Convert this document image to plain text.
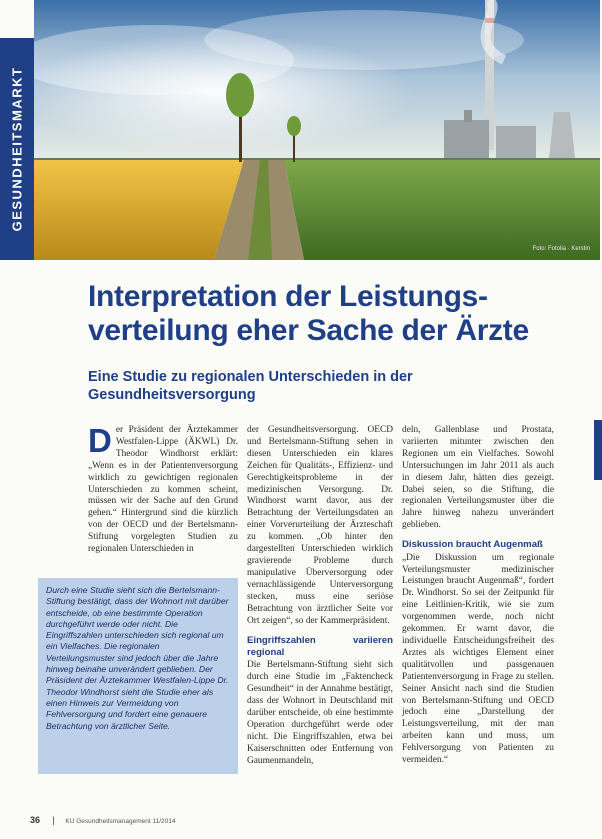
Foto: Fotolia · Kerstin
GESUNDHEITSMARKT
Interpretation der Leistungs-verteilung eher Sache der Ärzte
Eine Studie zu regionalen Unterschieden in der Gesundheitsversorgung
D er Präsident der Ärztekammer Westfalen-Lippe (ÄKWL) Dr. Theodor Windhorst erklärt: „Wenn es in der Patientenversorgung wirklich zu gewichtigen regionalen Unterschieden zu kommen scheint, müssen wir der Sache auf den Grund gehen.“ Hintergrund sind die kürzlich von der OECD und der Bertelsmann-Stiftung vorgelegten Studien zu regionalen Unterschieden in

Durch eine Studie sieht sich die Bertelsmann-Stiftung bestätigt, dass der Wohnort mit darüber entscheide, ob eine bestimmte Operation durchgeführt werde oder nicht. Die Eingriffszahlen unterschieden sich regional um ein Vielfaches. Die regionalen Verteilungsmuster sind jedoch über die Jahre hinweg beinahe unverändert geblieben. Der Präsident der Ärztekammer Westfalen-Lippe Dr. Theodor Windhorst sieht die Studie eher als einen Hinweis zur Vermeidung von Fehlversorgung und fordert eine genauere Betrachtung von ärztlicher Seite.

der Gesundheitsversorgung. OECD und Bertelsmann-Stiftung sehen in diesen Unterschieden ein klares Zeichen für Qualitäts-, Effizienz- und Gerechtigkeitsprobleme in der medizinischen Versorgung. Dr. Windhorst warnt davor, aus der Betrachtung der Verteilungsdaten an einer Vorverurteilung der Ärzteschaft zu kommen. „Ob hinter den dargestellten Unterschieden wirklich gravierende Probleme durch manipulative Überversorgung oder vernachlässigende Unterversorgung stecken, muss eine seriöse Betrachtung von ärztlicher Seite vor Ort zeigen“, so der Kammerpräsident.

Eingriffszahlen variieren regional

Die Bertelsmann-Stiftung sieht sich durch eine Studie im „Faktencheck Gesundheit“ in der Annahme bestätigt, dass der Wohnort in Deutschland mit darüber entscheide, ob eine bestimmte Operation durchgeführt werde oder nicht. Die Eingriffszahlen, etwa bei Kaiserschnitten oder Entfernung von Gaumenmandeln,

deln, Gallenblase und Prostata, variierten mitunter zwischen den Regionen um ein Vielfaches. Sowohl Untersuchungen im Jahr 2011 als auch in diesem Jahr, hätten dies gezeigt. Dabei seien, so die Stiftung, die regionalen Verteilungsmuster über die Jahre hinweg nahezu unverändert geblieben.

Diskussion braucht Augenmaß

„Die Diskussion um regionale Verteilungsmuster medizinischer Leistungen braucht Augenmaß“, fordert Dr. Windhorst. So sei der Zeitpunkt für eine Leitlinien-Kritik, wie sie zum vorgenommen werde, noch nicht gekommen. Er warnt davor, die individuelle Entscheidungsfreiheit des Arztes als wichtiges Element einer qualitätvollen und passgenauen Patientenversorgung in Frage zu stellen. Seiner Ansicht nach sind die Studien von Bertelsmann-Stiftung und OECD jedoch eine „Darstellung der Leistungsverteilung, mit der man arbeiten kann und muss, um Fehlversorgung von Patienten zu vermeiden.“

36 | KU Gesundheitsmanagement 11/2014
